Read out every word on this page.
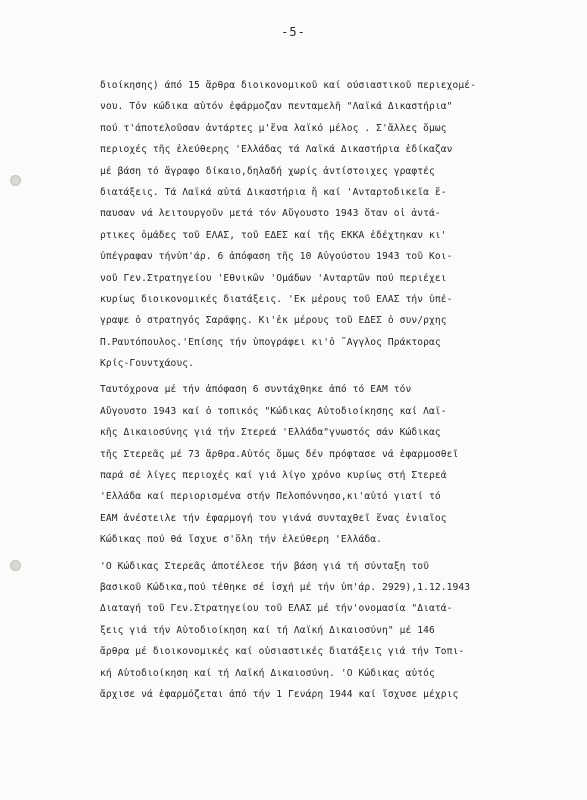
-5-
διοίκησης) άπό 15 ἄρθρα διοικονομικοῦ καί ούσιαστικοῦ περιεχομέ-
νου. Τόν κώδικα αὐτόν ἐφάρμοζαν πενταμελῆ "Λαϊκά Δικαστήρια"
πού τ'άποτελοῦσαν ἀντάρτες μ'ἕνα λαϊκό μέλος . Σ'ἄλλες ὅμως
περιοχές τῆς ἐλεύθερης 'Ελλάδας τά Λαϊκά Δικαστήρια ἐδίκαζαν
μέ βάση τό ἄγραφο δίκαιο,δηλαδή χωρίς ἀντίστοιχες γραφτές
διατάξεις. Τά Λαϊκά αὐτά Δικαστήρια ἤ καί 'Ανταρτοδικεῖα ἔ-
παυσαν νά λειτουργοῦν μετά τόν Αὔγουστο 1943 ὅταν οἱ ἀντά-
ρτικες ὁμάδες τοῦ ΕΛΑΣ, τοῦ ΕΔΕΣ καί τῆς ΕΚΚΑ ἐδέχτηκαν κι'
ὑπέγραφαν τήνὑπ'άρ. 6 ἀπόφαση τῆς 10 Αὐγούστου 1943 τοῦ Κοι-
νοῦ Γεν.Στρατηγείου 'Εθνικῶν 'Ομάδων 'Ανταρτῶν πού περιέχει
κυρίως διοικονομικές διατάξεις. 'Εκ μέρους τοῦ ΕΛΑΣ τήν ὑπέ-
γραψε ὁ στρατηγός Σαράφης. Κι'ἐκ μέρους τοῦ ΕΔΕΣ ὁ συν/ρχης
Π.Ραυτόπουλος.'Επίσης τήν ὑπογράφει κι'ὁ ῎Αγγλος Πράκτορας
Κρίς-Γουντχάους.
Ταυτόχρονα μέ τήν ἀπόφαση 6 συντάχθηκε ἀπό τό ΕΑΜ τόν
Αὔγουστο 1943 καί ὁ τοπικός "Κώδικας Αὐτοδιοίκησης καί Λαϊ-
κῆς Δικαιοσύνης γιά τήν Στερεά 'Ελλάδα"γνωστός σάν Κώδικας
τῆς Στερεᾶς μέ 73 ἄρθρα.Αὐτός ὅμως δέν πρόφτασε νά ἐφαρμοσθεῖ
παρά σέ λίγες περιοχές καί γιά λίγο χρόνο κυρίως στή Στερεά
'Ελλάδα καί περιορισμένα στήν Πελοπόννησο,κι'αὐτό γιατί τό
ΕΑΜ ἀνέστειλε τήν ἐφαρμογή του γιάνά συνταχθεῖ ἕνας ἑνιαῖος
Κώδικας πού θά ἴσχυε σ'ὅλη τήν ἐλεύθερη 'Ελλάδα.
'Ο Κώδικας Στερεᾶς ἀποτέλεσε τήν βάση γιά τή σύνταξη τοῦ
βασικοῦ Κώδικα,πού τέθηκε σέ ἰσχή μέ τήν ὑπ'άρ. 2929),1.12.1943
Διαταγή τοῦ Γεν.Στρατηγείου τοῦ ΕΛΑΣ μέ τήν'ονομασία "Διατά-
ξεις γιά τήν Αὐτοδιοίκηση καί τή Λαϊκή Δικαιοσύνη" μέ 146
ἄρθρα μέ διοικονομικές καί οὐσιαστικές διατάξεις γιά τήν Τοπι-
κή Αὐτοδιοίκηση καί τή Λαϊκή Δικαιοσύνη. 'Ο Κώδικας αὐτός
ἄρχισε νά ἐφαρμόζεται ἀπό τήν 1 Γενάρη 1944 καί ἴσχυσε μέχρις
